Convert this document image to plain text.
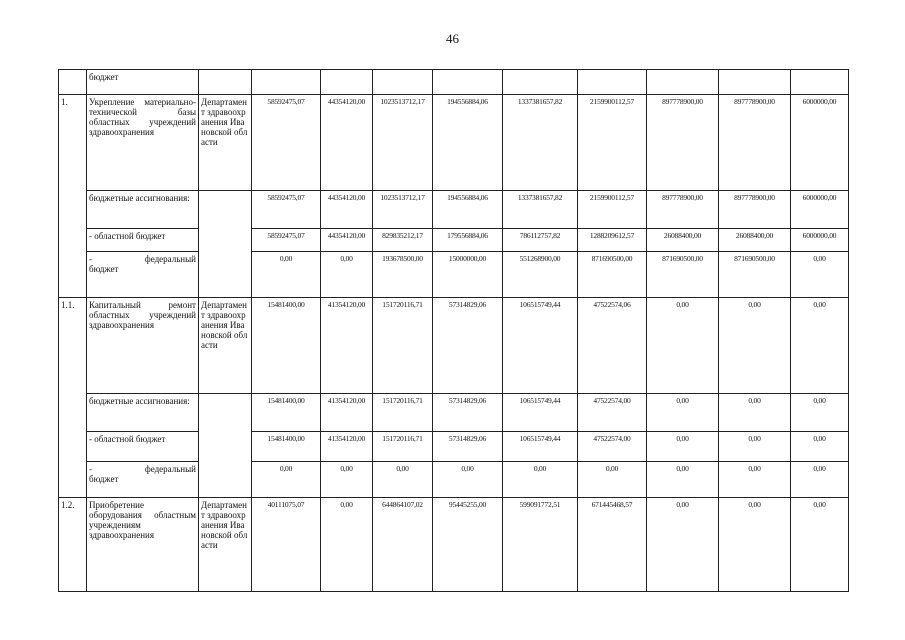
46
	бюджет										
1.	Укрепление материально-технической базы областных учреждений здравоохранения	Департамент здравоохранения Ивановской области	58592475,07	44354120,00	1023513712,17	194556884,06	1337381657,82	2159900112,57	897778900,00	897778900,00	6000000,00
	бюджетные ассигнования:		58592475,07	44354120,00	1023513712,17	194556884,06	1337381657,82	2159900112,57	897778900,00	897778900,00	6000000,00
	- областной бюджет		58592475,07	44354120,00	829835212,17	179556884,06	786112757,82	1288209612,57	26088400,00	26088400,00	6000000,00

	- федеральный
бюджет		0,00	0,00	193678500,00	15000000,00	551268900,00	871690500,00	871690500,00	871690500,00	0,00
1.1.	Капитальный ремонт областных учреждений здравоохранения	Департамент здравоохранения Ивановской области	15481400,00	41354120,00	151720116,71	57314829,06	106515749,44	47522574,06	0,00	0,00	0,00
	бюджетные ассигнования:		15481400,00	41354120,00	151720116,71	57314829,06	106515749,44	47522574,00	0,00	0,00	0,00
	- областной бюджет		15481400,00	41354120,00	151720116,71	57314829,06	106515749,44	47522574,00	0,00	0,00	0,00

	- федеральный
бюджет		0,00	0,00	0,00	0,00	0,00	0,00	0,00	0,00	0,00
1.2.	Приобретение оборудования областным учреждениям здравоохранения	Департамент здравоохранения Ивановской области	40111075,07	0,00	644864107,02	95445255,00	599091772,51	671445468,57	0,00	0,00	0,00
